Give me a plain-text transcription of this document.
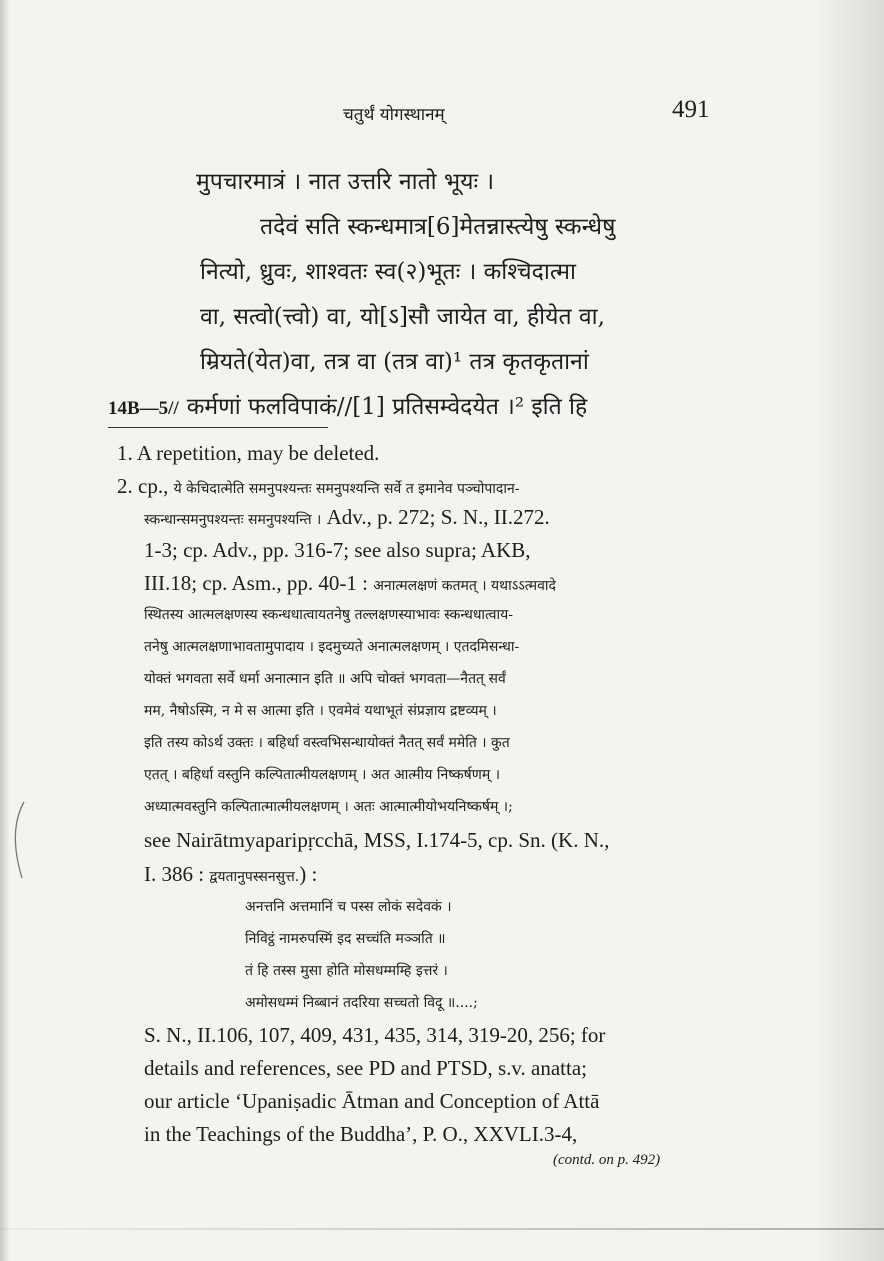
चतुर्थं योगस्थानम्	491
मुपचारमात्रं । नात उत्तरि नातो भूयः ।
तदेवं सति स्कन्धमात्र[6]मेतन्नास्त्येषु स्कन्धेषु
नित्यो, ध्रुवः, शाश्वतः स्व(२)भूतः । कश्चिदात्मा
वा, सत्वो(त्त्वो) वा, यो[ऽ]सौ जायेत वा, हीयेत वा,
म्रियते(येत)वा, तत्र वा (तत्र वा)¹ तत्र कृतकृतानां
14B—5// कर्मणां फलविपाकं//[1] प्रतिसम्वेदयेत ।² इति हि
1. A repetition, may be deleted.
2. cp., ये केचिदात्मेति समनुपश्यन्तः समनुपश्यन्ति सर्वे त इमानेव पञ्चोपादान-
स्कन्धान्समनुपश्यन्तः समनुपश्यन्ति । Adv., p. 272; S. N., II.272.
1-3; cp. Adv., pp. 316-7; see also supra; AKB,
III.18; cp. Asm., pp. 40-1 : अनात्मलक्षणं कतमत् । यथाऽऽत्मवादे
स्थितस्य आत्मलक्षणस्य स्कन्धधात्वायतनेषु तल्लक्षणस्याभावः स्कन्धधात्वाय-
तनेषु आत्मलक्षणाभावतामुपादाय । इदमुच्यते अनात्मलक्षणम् । एतदमिसन्धा-
योक्तं भगवता सर्वे धर्मा अनात्मान इति ॥ अपि चोक्तं भगवता—नैतत् सर्वं
मम, नैषोऽस्मि, न मे स आत्मा इति । एवमेवं यथाभूतं संप्रज्ञाय द्रष्टव्यम् ।
इति तस्य कोऽर्थ उक्तः । बहिर्धा वस्त्वभिसन्धायोक्तं नैतत् सर्वं ममेति । कुत
एतत् । बहिर्धा वस्तुनि कल्पितात्मीयलक्षणम् । अत आत्मीय निष्कर्षणम् ।
अध्यात्मवस्तुनि कल्पितात्मात्मीयलक्षणम् । अतः आत्मात्मीयोभयनिष्कर्षम् ।;
see Nairātmyaparipṛcchā, MSS, I.174-5, cp. Sn. (K. N.,
I. 386 : द्वयतानुपस्सनसुत्त.) :
अनत्तनि अत्तमानिं च पस्स लोकं सदेवकं ।
निविट्ठं नामरुपस्मिं इद सच्चंति मञ्ञति ॥
तं हि तस्स मुसा होति मोसधम्मम्हि इत्तरं ।
अमोसधम्मं निब्बानं तदरिया सच्चतो विदू ॥....;
S. N., II.106, 107, 409, 431, 435, 314, 319-20, 256; for
details and references, see PD and PTSD, s.v. anatta;
our article ‘Upaniṣadic Ātman and Conception of Attā
in the Teachings of the Buddha’, P. O., XXVLI.3-4,
(contd. on p. 492)
